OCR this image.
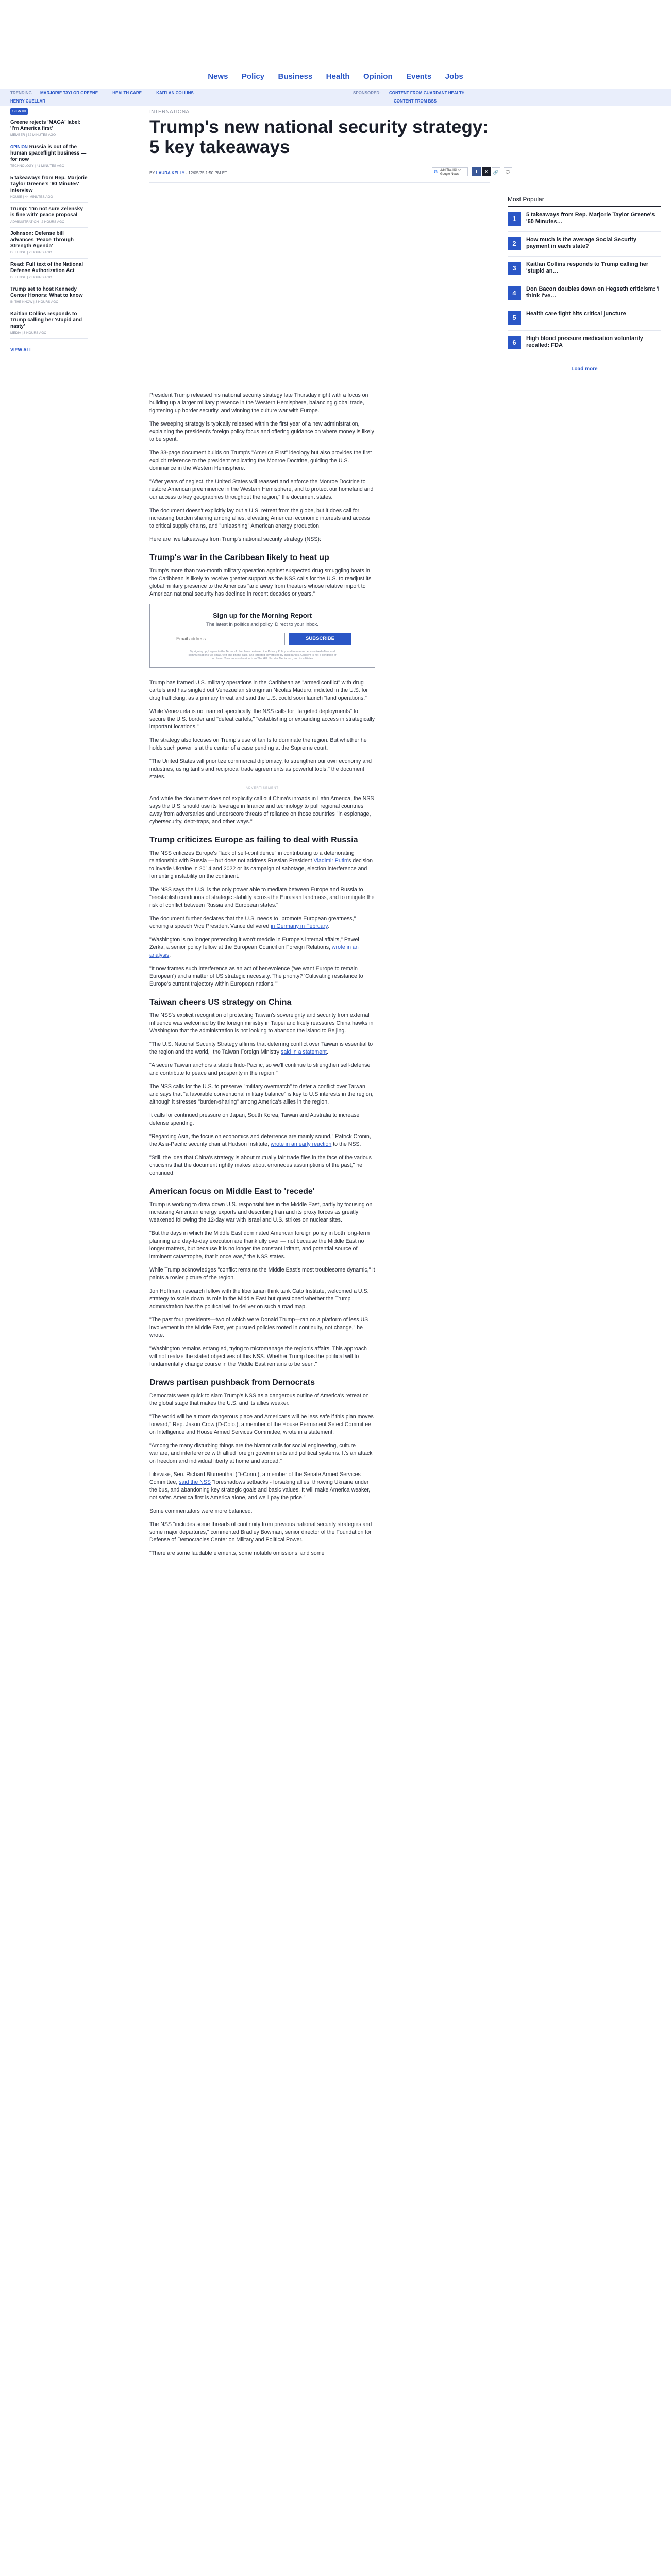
News Policy Business Health Opinion Events Jobs
TRENDING MARJORIE TAYLOR GREENE	HEALTH CARE	KAITLAN COLLINS
HENRY CUELLAR
SPONSORED: CONTENT FROM GUARDANT HEALTH
CONTENT FROM BSS
SIGN IN
Greene rejects 'MAGA' label: 'I'm America first'
MEMBER | 32 MINUTES AGO
OPINION Russia is out of the human spaceflight business — for now
TECHNOLOGY | 41 MINUTES AGO
5 takeaways from Rep. Marjorie Taylor Greene's '60 Minutes' interview
HOUSE | 44 MINUTES AGO
Trump: 'I'm not sure Zelensky is fine with' peace proposal
ADMINISTRATION | 2 HOURS AGO
Johnson: Defense bill advances 'Peace Through Strength Agenda'
DEFENSE | 2 HOURS AGO
Read: Full text of the National Defense Authorization Act
DEFENSE | 2 HOURS AGO
Trump set to host Kennedy Center Honors: What to know
IN THE KNOW | 3 HOURS AGO
Kaitlan Collins responds to Trump calling her 'stupid and nasty'
MEDIA | 3 HOURS AGO
VIEW ALL
INTERNATIONAL
Trump's new national security strategy: 5 key takeaways
BY LAURA KELLY - 12/05/25 1:50 PM ET	G Add The Hill on
Google News	f	X	🔗	💬
Most Popular
1	5 takeaways from Rep. Marjorie Taylor Greene's '60 Minutes…
2	How much is the average Social Security payment in each state?
3	Kaitlan Collins responds to Trump calling her 'stupid an…
4	Don Bacon doubles down on Hegseth criticism: 'I think I've…
5	Health care fight hits critical juncture
6	High blood pressure medication voluntarily recalled: FDA
Load more

President Trump released his national security strategy late Thursday night with a focus on building up a larger military presence in the Western Hemisphere, balancing global trade, tightening up border security, and winning the culture war with Europe.

The sweeping strategy is typically released within the first year of a new administration, explaining the president's foreign policy focus and offering guidance on where money is likely to be spent.

The 33-page document builds on Trump's "America First" ideology but also provides the first explicit reference to the president replicating the Monroe Doctrine, guiding the U.S. dominance in the Western Hemisphere.

"After years of neglect, the United States will reassert and enforce the Monroe Doctrine to restore American preeminence in the Western Hemisphere, and to protect our homeland and our access to key geographies throughout the region," the document states.

The document doesn't explicitly lay out a U.S. retreat from the globe, but it does call for increasing burden sharing among allies, elevating American economic interests and access to critical supply chains, and "unleashing" American energy production.

Here are five takeaways from Trump's national security strategy (NSS):

Trump's war in the Caribbean likely to heat up

Trump's more than two-month military operation against suspected drug smuggling boats in the Caribbean is likely to receive greater support as the NSS calls for the U.S. to readjust its global military presence to the Americas "and away from theaters whose relative import to American national security has declined in recent decades or years."

Sign up for the Morning Report
The latest in politics and policy. Direct to your inbox.
Email address
SUBSCRIBE
By signing up, I agree to the Terms of Use, have reviewed the Privacy Policy, and to receive personalized offers and communications via email, text and phone calls, and targeted advertising by third parties. Consent is not a condition of purchase. You can unsubscribe from The Hill, Nexstar Media Inc., and its affiliates.

Trump has framed U.S. military operations in the Caribbean as "armed conflict" with drug cartels and has singled out Venezuelan strongman Nicolás Maduro, indicted in the U.S. for drug trafficking, as a primary threat and said the U.S. could soon launch "land operations."

While Venezuela is not named specifically, the NSS calls for "targeted deployments" to secure the U.S. border and "defeat cartels," "establishing or expanding access in strategically important locations."

The strategy also focuses on Trump's use of tariffs to dominate the region. But whether he holds such power is at the center of a case pending at the Supreme court.

"The United States will prioritize commercial diplomacy, to strengthen our own economy and industries, using tariffs and reciprocal trade agreements as powerful tools," the document states.

ADVERTISEMENT

And while the document does not explicitly call out China's inroads in Latin America, the NSS says the U.S. should use its leverage in finance and technology to pull regional countries away from adversaries and underscore threats of reliance on those countries "in espionage, cybersecurity, debt-traps, and other ways."

Trump criticizes Europe as failing to deal with Russia

The NSS criticizes Europe's "lack of self-confidence" in contributing to a deteriorating relationship with Russia — but does not address Russian President Vladimir Putin's decision to invade Ukraine in 2014 and 2022 or its campaign of sabotage, election interference and fomenting instability on the continent.

The NSS says the U.S. is the only power able to mediate between Europe and Russia to "reestablish conditions of strategic stability across the Eurasian landmass, and to mitigate the risk of conflict between Russia and European states."

The document further declares that the U.S. needs to "promote European greatness," echoing a speech Vice President Vance delivered in Germany in February.

"Washington is no longer pretending it won't meddle in Europe's internal affairs," Pawel Zerka, a senior policy fellow at the European Council on Foreign Relations, wrote in an analysis.

"It now frames such interference as an act of benevolence ('we want Europe to remain European') and a matter of US strategic necessity. The priority? 'Cultivating resistance to Europe's current trajectory within European nations.'"

Taiwan cheers US strategy on China

The NSS's explicit recognition of protecting Taiwan's sovereignty and security from external influence was welcomed by the foreign ministry in Taipei and likely reassures China hawks in Washington that the administration is not looking to abandon the island to Beijing.

"The U.S. National Security Strategy affirms that deterring conflict over Taiwan is essential to the region and the world," the Taiwan Foreign Ministry said in a statement.

"A secure Taiwan anchors a stable Indo-Pacific, so we'll continue to strengthen self-defense and contribute to peace and prosperity in the region."

The NSS calls for the U.S. to preserve "military overmatch" to deter a conflict over Taiwan and says that "a favorable conventional military balance" is key to U.S interests in the region, although it stresses "burden-sharing" among America's allies in the region.

It calls for continued pressure on Japan, South Korea, Taiwan and Australia to increase defense spending.

"Regarding Asia, the focus on economics and deterrence are mainly sound," Patrick Cronin, the Asia-Pacific security chair at Hudson Institute, wrote in an early reaction to the NSS.

"Still, the idea that China's strategy is about mutually fair trade flies in the face of the various criticisms that the document rightly makes about erroneous assumptions of the past," he continued.

American focus on Middle East to 'recede'

Trump is working to draw down U.S. responsibilities in the Middle East, partly by focusing on increasing American energy exports and describing Iran and its proxy forces as greatly weakened following the 12-day war with Israel and U.S. strikes on nuclear sites.

"But the days in which the Middle East dominated American foreign policy in both long-term planning and day-to-day execution are thankfully over — not because the Middle East no longer matters, but because it is no longer the constant irritant, and potential source of imminent catastrophe, that it once was," the NSS states.

While Trump acknowledges "conflict remains the Middle East's most troublesome dynamic," it paints a rosier picture of the region.

Jon Hoffman, research fellow with the libertarian think tank Cato Institute, welcomed a U.S. strategy to scale down its role in the Middle East but questioned whether the Trump administration has the political will to deliver on such a road map.

"The past four presidents—two of which were Donald Trump—ran on a platform of less US involvement in the Middle East, yet pursued policies rooted in continuity, not change," he wrote.

"Washington remains entangled, trying to micromanage the region's affairs. This approach will not realize the stated objectives of this NSS. Whether Trump has the political will to fundamentally change course in the Middle East remains to be seen."

Draws partisan pushback from Democrats

Democrats were quick to slam Trump's NSS as a dangerous outline of America's retreat on the global stage that makes the U.S. and its allies weaker.

"The world will be a more dangerous place and Americans will be less safe if this plan moves forward," Rep. Jason Crow (D-Colo.), a member of the House Permanent Select Committee on Intelligence and House Armed Services Committee, wrote in a statement.

"Among the many disturbing things are the blatant calls for social engineering, culture warfare, and interference with allied foreign governments and political systems. It's an attack on freedom and individual liberty at home and abroad."

Likewise, Sen. Richard Blumenthal (D-Conn.), a member of the Senate Armed Services Committee, said the NSS "foreshadows setbacks - forsaking allies, throwing Ukraine under the bus, and abandoning key strategic goals and basic values. It will make America weaker, not safer. America first is America alone, and we'll pay the price."

Some commentators were more balanced.

The NSS "includes some threads of continuity from previous national security strategies and some major departures," commented Bradley Bowman, senior director of the Foundation for Defense of Democracies Center on Military and Political Power.

"There are some laudable elements, some notable omissions, and some
